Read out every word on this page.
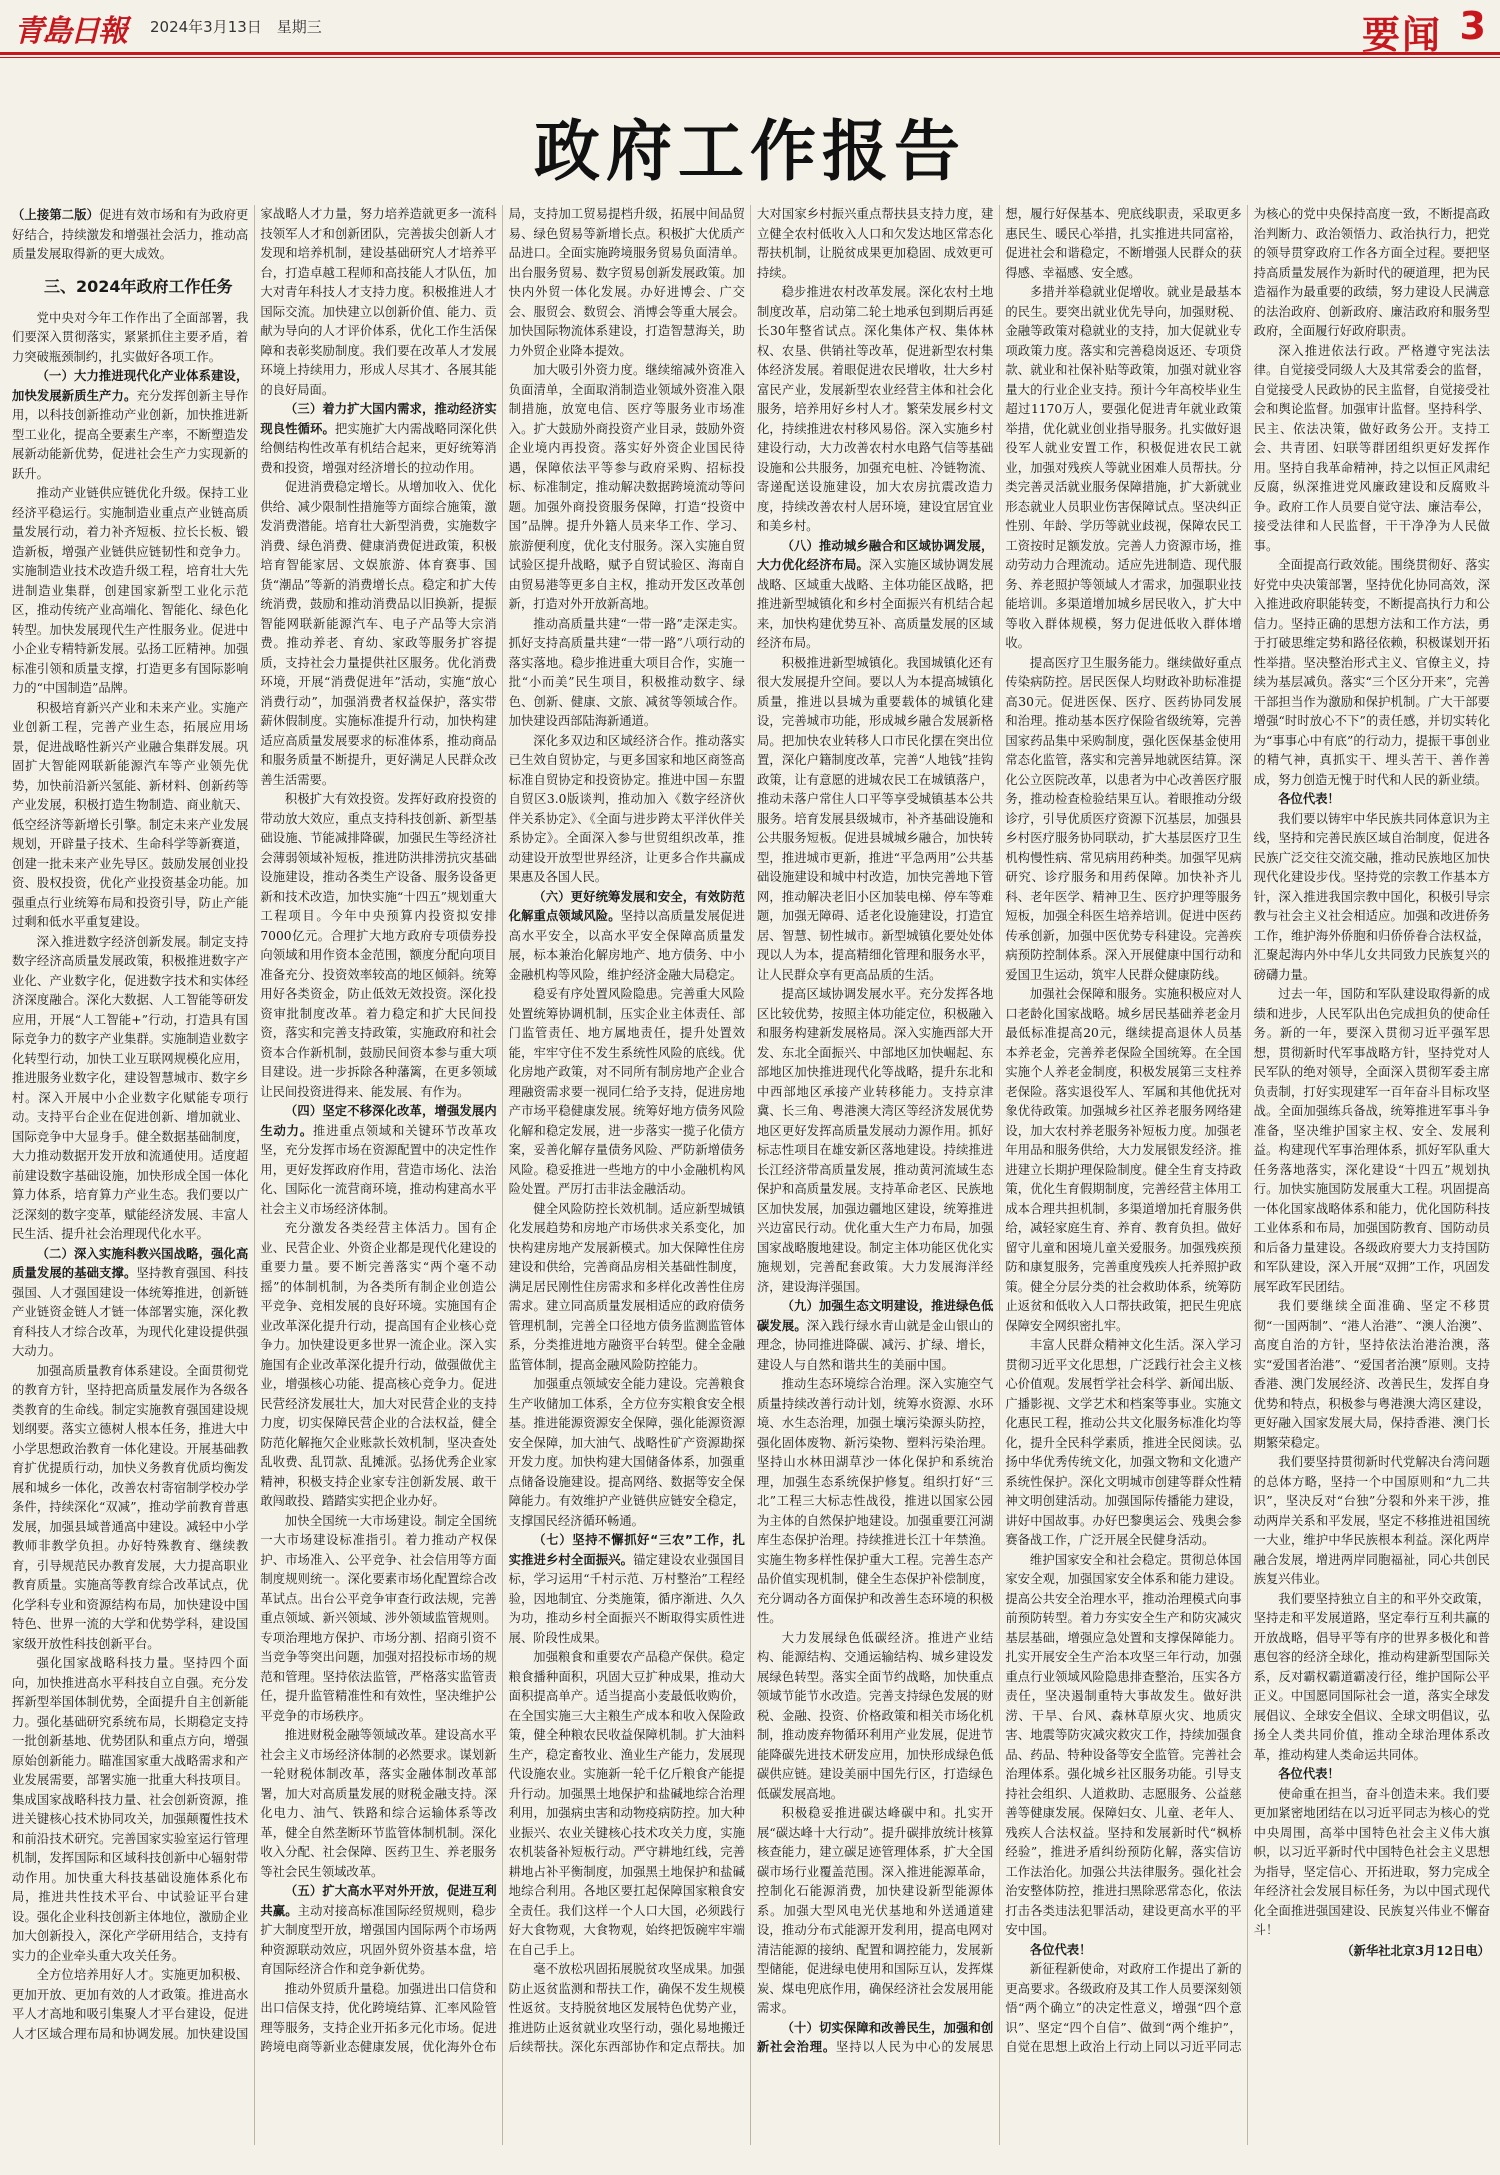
青島日報 2024年3月13日　星期三	要闻 3
政府工作报告

（上接第二版）促进有效市场和有为政府更好结合，持续激发和增强社会活力，推动高质量发展取得新的更大成效。

三、2024年政府工作任务

党中央对今年工作作出了全面部署，我们要深入贯彻落实，紧紧抓住主要矛盾，着力突破瓶颈制约，扎实做好各项工作。

（一）大力推进现代化产业体系建设，加快发展新质生产力。充分发挥创新主导作用，以科技创新推动产业创新，加快推进新型工业化，提高全要素生产率，不断塑造发展新动能新优势，促进社会生产力实现新的跃升。

推动产业链供应链优化升级。保持工业经济平稳运行。实施制造业重点产业链高质量发展行动，着力补齐短板、拉长长板、锻造新板，增强产业链供应链韧性和竞争力。实施制造业技术改造升级工程，培育壮大先进制造业集群，创建国家新型工业化示范区，推动传统产业高端化、智能化、绿色化转型。加快发展现代生产性服务业。促进中小企业专精特新发展。弘扬工匠精神。加强标准引领和质量支撑，打造更多有国际影响力的“中国制造”品牌。

积极培育新兴产业和未来产业。实施产业创新工程，完善产业生态，拓展应用场景，促进战略性新兴产业融合集群发展。巩固扩大智能网联新能源汽车等产业领先优势，加快前沿新兴氢能、新材料、创新药等产业发展，积极打造生物制造、商业航天、低空经济等新增长引擎。制定未来产业发展规划，开辟量子技术、生命科学等新赛道，创建一批未来产业先导区。鼓励发展创业投资、股权投资，优化产业投资基金功能。加强重点行业统筹布局和投资引导，防止产能过剩和低水平重复建设。

深入推进数字经济创新发展。制定支持数字经济高质量发展政策，积极推进数字产业化、产业数字化，促进数字技术和实体经济深度融合。深化大数据、人工智能等研发应用，开展“人工智能+”行动，打造具有国际竞争力的数字产业集群。实施制造业数字化转型行动，加快工业互联网规模化应用，推进服务业数字化，建设智慧城市、数字乡村。深入开展中小企业数字化赋能专项行动。支持平台企业在促进创新、增加就业、国际竞争中大显身手。健全数据基础制度，大力推动数据开发开放和流通使用。适度超前建设数字基础设施，加快形成全国一体化算力体系，培育算力产业生态。我们要以广泛深刻的数字变革，赋能经济发展、丰富人民生活、提升社会治理现代化水平。

（二）深入实施科教兴国战略，强化高质量发展的基础支撑。坚持教育强国、科技强国、人才强国建设一体统筹推进，创新链产业链资金链人才链一体部署实施，深化教育科技人才综合改革，为现代化建设提供强大动力。

加强高质量教育体系建设。全面贯彻党的教育方针，坚持把高质量发展作为各级各类教育的生命线。制定实施教育强国建设规划纲要。落实立德树人根本任务，推进大中小学思想政治教育一体化建设。开展基础教育扩优提质行动，加快义务教育优质均衡发展和城乡一体化，改善农村寄宿制学校办学条件，持续深化“双减”，推动学前教育普惠发展，加强县域普通高中建设。减轻中小学教师非教学负担。办好特殊教育、继续教育，引导规范民办教育发展，大力提高职业教育质量。实施高等教育综合改革试点，优化学科专业和资源结构布局，加快建设中国特色、世界一流的大学和优势学科，建设国家级开放性科技创新平台。

强化国家战略科技力量。坚持四个面向，加快推进高水平科技自立自强。充分发挥新型举国体制优势，全面提升自主创新能力。强化基础研究系统布局，长期稳定支持一批创新基地、优势团队和重点方向，增强原始创新能力。瞄准国家重大战略需求和产业发展需要，部署实施一批重大科技项目。集成国家战略科技力量、社会创新资源，推进关键核心技术协同攻关，加强颠覆性技术和前沿技术研究。完善国家实验室运行管理机制，发挥国际和区域科技创新中心辐射带动作用。加快重大科技基础设施体系化布局，推进共性技术平台、中试验证平台建设。强化企业科技创新主体地位，激励企业加大创新投入，深化产学研用结合，支持有实力的企业牵头重大攻关任务。

全方位培养用好人才。实施更加积极、更加开放、更加有效的人才政策。推进高水平人才高地和吸引集聚人才平台建设，促进人才区域合理布局和协调发展。加快建设国家战略人才力量，努力培养造就更多一流科技领军人才和创新团队，完善拔尖创新人才发现和培养机制，建设基础研究人才培养平台，打造卓越工程师和高技能人才队伍，加大对青年科技人才支持力度。积极推进人才国际交流。加快建立以创新价值、能力、贡献为导向的人才评价体系，优化工作生活保障和表彰奖励制度。我们要在改革人才发展环境上持续用力，形成人尽其才、各展其能的良好局面。

（三）着力扩大国内需求，推动经济实现良性循环。把实施扩大内需战略同深化供给侧结构性改革有机结合起来，更好统筹消费和投资，增强对经济增长的拉动作用。

促进消费稳定增长。从增加收入、优化供给、减少限制性措施等方面综合施策，激发消费潜能。培育壮大新型消费，实施数字消费、绿色消费、健康消费促进政策，积极培育智能家居、文娱旅游、体育赛事、国货“潮品”等新的消费增长点。稳定和扩大传统消费，鼓励和推动消费品以旧换新，提振智能网联新能源汽车、电子产品等大宗消费。推动养老、育幼、家政等服务扩容提质，支持社会力量提供社区服务。优化消费环境，开展“消费促进年”活动，实施“放心消费行动”，加强消费者权益保护，落实带薪休假制度。实施标准提升行动，加快构建适应高质量发展要求的标准体系，推动商品和服务质量不断提升，更好满足人民群众改善生活需要。

积极扩大有效投资。发挥好政府投资的带动放大效应，重点支持科技创新、新型基础设施、节能减排降碳，加强民生等经济社会薄弱领域补短板，推进防洪排涝抗灾基础设施建设，推动各类生产设备、服务设备更新和技术改造，加快实施“十四五”规划重大工程项目。今年中央预算内投资拟安排7000亿元。合理扩大地方政府专项债券投向领域和用作资本金范围，额度分配向项目准备充分、投资效率较高的地区倾斜。统筹用好各类资金，防止低效无效投资。深化投资审批制度改革。着力稳定和扩大民间投资，落实和完善支持政策，实施政府和社会资本合作新机制，鼓励民间资本参与重大项目建设。进一步拆除各种藩篱，在更多领域让民间投资进得来、能发展、有作为。

（四）坚定不移深化改革，增强发展内生动力。推进重点领域和关键环节改革攻坚，充分发挥市场在资源配置中的决定性作用，更好发挥政府作用，营造市场化、法治化、国际化一流营商环境，推动构建高水平社会主义市场经济体制。

充分激发各类经营主体活力。国有企业、民营企业、外资企业都是现代化建设的重要力量。要不断完善落实“两个毫不动摇”的体制机制，为各类所有制企业创造公平竞争、竞相发展的良好环境。实施国有企业改革深化提升行动，提高国有企业核心竞争力。加快建设更多世界一流企业。深入实施国有企业改革深化提升行动，做强做优主业，增强核心功能、提高核心竞争力。促进民营经济发展壮大，加大对民营企业的支持力度，切实保障民营企业的合法权益，健全防范化解拖欠企业账款长效机制，坚决查处乱收费、乱罚款、乱摊派。弘扬优秀企业家精神，积极支持企业家专注创新发展、敢干敢闯敢投、踏踏实实把企业办好。

加快全国统一大市场建设。制定全国统一大市场建设标准指引。着力推动产权保护、市场准入、公平竞争、社会信用等方面制度规则统一。深化要素市场化配置综合改革试点。出台公平竞争审查行政法规，完善重点领域、新兴领域、涉外领域监管规则。专项治理地方保护、市场分割、招商引资不当竞争等突出问题，加强对招投标市场的规范和管理。坚持依法监管，严格落实监管责任，提升监管精准性和有效性，坚决维护公平竞争的市场秩序。

推进财税金融等领域改革。建设高水平社会主义市场经济体制的必然要求。谋划新一轮财税体制改革，落实金融体制改革部署，加大对高质量发展的财税金融支持。深化电力、油气、铁路和综合运输体系等改革，健全自然垄断环节监管体制机制。深化收入分配、社会保障、医药卫生、养老服务等社会民生领域改革。

（五）扩大高水平对外开放，促进互利共赢。主动对接高标准国际经贸规则，稳步扩大制度型开放，增强国内国际两个市场两种资源联动效应，巩固外贸外资基本盘，培育国际经济合作和竞争新优势。

推动外贸质升量稳。加强进出口信贷和出口信保支持，优化跨境结算、汇率风险管理等服务，支持企业开拓多元化市场。促进跨境电商等新业态健康发展，优化海外仓布局，支持加工贸易提档升级，拓展中间品贸易、绿色贸易等新增长点。积极扩大优质产品进口。全面实施跨境服务贸易负面清单。出台服务贸易、数字贸易创新发展政策。加快内外贸一体化发展。办好进博会、广交会、服贸会、数贸会、消博会等重大展会。加快国际物流体系建设，打造智慧海关，助力外贸企业降本提效。

加大吸引外资力度。继续缩减外资准入负面清单，全面取消制造业领域外资准入限制措施，放宽电信、医疗等服务业市场准入。扩大鼓励外商投资产业目录，鼓励外资企业境内再投资。落实好外资企业国民待遇，保障依法平等参与政府采购、招标投标、标准制定，推动解决数据跨境流动等问题。加强外商投资服务保障，打造“投资中国”品牌。提升外籍人员来华工作、学习、旅游便利度，优化支付服务。深入实施自贸试验区提升战略，赋予自贸试验区、海南自由贸易港等更多自主权，推动开发区改革创新，打造对外开放新高地。

推动高质量共建“一带一路”走深走实。抓好支持高质量共建“一带一路”八项行动的落实落地。稳步推进重大项目合作，实施一批“小而美”民生项目，积极推动数字、绿色、创新、健康、文旅、减贫等领域合作。加快建设西部陆海新通道。

深化多双边和区域经济合作。推动落实已生效自贸协定，与更多国家和地区商签高标准自贸协定和投资协定。推进中国－东盟自贸区3.0版谈判，推动加入《数字经济伙伴关系协定》、《全面与进步跨太平洋伙伴关系协定》。全面深入参与世贸组织改革，推动建设开放型世界经济，让更多合作共赢成果惠及各国人民。

（六）更好统筹发展和安全，有效防范化解重点领域风险。坚持以高质量发展促进高水平安全，以高水平安全保障高质量发展，标本兼治化解房地产、地方债务、中小金融机构等风险，维护经济金融大局稳定。

稳妥有序处置风险隐患。完善重大风险处置统筹协调机制，压实企业主体责任、部门监管责任、地方属地责任，提升处置效能，牢牢守住不发生系统性风险的底线。优化房地产政策，对不同所有制房地产企业合理融资需求要一视同仁给予支持，促进房地产市场平稳健康发展。统筹好地方债务风险化解和稳定发展，进一步落实一揽子化债方案，妥善化解存量债务风险、严防新增债务风险。稳妥推进一些地方的中小金融机构风险处置。严厉打击非法金融活动。

健全风险防控长效机制。适应新型城镇化发展趋势和房地产市场供求关系变化，加快构建房地产发展新模式。加大保障性住房建设和供给，完善商品房相关基础性制度，满足居民刚性住房需求和多样化改善性住房需求。建立同高质量发展相适应的政府债务管理机制，完善全口径地方债务监测监管体系，分类推进地方融资平台转型。健全金融监管体制，提高金融风险防控能力。

加强重点领域安全能力建设。完善粮食生产收储加工体系，全方位夯实粮食安全根基。推进能源资源安全保障，强化能源资源安全保障，加大油气、战略性矿产资源勘探开发力度。加快构建大国储备体系，加强重点储备设施建设。提高网络、数据等安全保障能力。有效维护产业链供应链安全稳定，支撑国民经济循环畅通。

（七）坚持不懈抓好“三农”工作，扎实推进乡村全面振兴。锚定建设农业强国目标，学习运用“千村示范、万村整治”工程经验，因地制宜、分类施策，循序渐进、久久为功，推动乡村全面振兴不断取得实质性进展、阶段性成果。

加强粮食和重要农产品稳产保供。稳定粮食播种面积，巩固大豆扩种成果，推动大面积提高单产。适当提高小麦最低收购价，在全国实施三大主粮生产成本和收入保险政策，健全种粮农民收益保障机制。扩大油料生产，稳定畜牧业、渔业生产能力，发展现代设施农业。实施新一轮千亿斤粮食产能提升行动。加强黑土地保护和盐碱地综合治理利用，加强病虫害和动物疫病防控。加大种业振兴、农业关键核心技术攻关力度，实施农机装备补短板行动。严守耕地红线，完善耕地占补平衡制度，加强黑土地保护和盐碱地综合利用。各地区要扛起保障国家粮食安全责任。我们这样一个人口大国，必须践行好大食物观，大食物观，始终把饭碗牢牢端在自己手上。

毫不放松巩固拓展脱贫攻坚成果。加强防止返贫监测和帮扶工作，确保不发生规模性返贫。支持脱贫地区发展特色优势产业，推进防止返贫就业攻坚行动，强化易地搬迁后续帮扶。深化东西部协作和定点帮扶。加大对国家乡村振兴重点帮扶县支持力度，建立健全农村低收入人口和欠发达地区常态化帮扶机制，让脱贫成果更加稳固、成效更可持续。

稳步推进农村改革发展。深化农村土地制度改革，启动第二轮土地承包到期后再延长30年整省试点。深化集体产权、集体林权、农垦、供销社等改革，促进新型农村集体经济发展。着眼促进农民增收，壮大乡村富民产业，发展新型农业经营主体和社会化服务，培养用好乡村人才。繁荣发展乡村文化，持续推进农村移风易俗。深入实施乡村建设行动，大力改善农村水电路气信等基础设施和公共服务，加强充电桩、冷链物流、寄递配送设施建设，加大农房抗震改造力度，持续改善农村人居环境，建设宜居宜业和美乡村。

（八）推动城乡融合和区域协调发展，大力优化经济布局。深入实施区域协调发展战略、区域重大战略、主体功能区战略，把推进新型城镇化和乡村全面振兴有机结合起来，加快构建优势互补、高质量发展的区域经济布局。

积极推进新型城镇化。我国城镇化还有很大发展提升空间。要以人为本提高城镇化质量，推进以县城为重要载体的城镇化建设，完善城市功能，形成城乡融合发展新格局。把加快农业转移人口市民化摆在突出位置，深化户籍制度改革，完善“人地钱”挂钩政策，让有意愿的进城农民工在城镇落户，推动未落户常住人口平等享受城镇基本公共服务。培育发展县级城市，补齐基础设施和公共服务短板。促进县城城乡融合，加快转型，推进城市更新，推进“平急两用”公共基础设施建设和城中村改造，加快完善地下管网，推动解决老旧小区加装电梯、停车等难题，加强无障碍、适老化设施建设，打造宜居、智慧、韧性城市。新型城镇化要处处体现以人为本，提高精细化管理和服务水平，让人民群众享有更高品质的生活。

提高区域协调发展水平。充分发挥各地区比较优势，按照主体功能定位，积极融入和服务构建新发展格局。深入实施西部大开发、东北全面振兴、中部地区加快崛起、东部地区加快推进现代化等战略，提升东北和中西部地区承接产业转移能力。支持京津冀、长三角、粤港澳大湾区等经济发展优势地区更好发挥高质量发展动力源作用。抓好标志性项目在雄安新区落地建设。持续推进长江经济带高质量发展，推动黄河流域生态保护和高质量发展。支持革命老区、民族地区加快发展，加强边疆地区建设，统筹推进兴边富民行动。优化重大生产力布局，加强国家战略腹地建设。制定主体功能区优化实施规划，完善配套政策。大力发展海洋经济，建设海洋强国。

（九）加强生态文明建设，推进绿色低碳发展。深入践行绿水青山就是金山银山的理念，协同推进降碳、减污、扩绿、增长，建设人与自然和谐共生的美丽中国。

推动生态环境综合治理。深入实施空气质量持续改善行动计划，统筹水资源、水环境、水生态治理，加强土壤污染源头防控，强化固体废物、新污染物、塑料污染治理。坚持山水林田湖草沙一体化保护和系统治理，加强生态系统保护修复。组织打好“三北”工程三大标志性战役，推进以国家公园为主体的自然保护地建设。加强重要江河湖库生态保护治理。持续推进长江十年禁渔。实施生物多样性保护重大工程。完善生态产品价值实现机制，健全生态保护补偿制度，充分调动各方面保护和改善生态环境的积极性。

大力发展绿色低碳经济。推进产业结构、能源结构、交通运输结构、城乡建设发展绿色转型。落实全面节约战略，加快重点领域节能节水改造。完善支持绿色发展的财税、金融、投资、价格政策和相关市场化机制，推动废弃物循环利用产业发展，促进节能降碳先进技术研发应用，加快形成绿色低碳供应链。建设美丽中国先行区，打造绿色低碳发展高地。

积极稳妥推进碳达峰碳中和。扎实开展“碳达峰十大行动”。提升碳排放统计核算核查能力，建立碳足迹管理体系，扩大全国碳市场行业覆盖范围。深入推进能源革命，控制化石能源消费，加快建设新型能源体系。加强大型风电光伏基地和外送通道建设，推动分布式能源开发利用，提高电网对清洁能源的接纳、配置和调控能力，发展新型储能，促进绿电使用和国际互认，发挥煤炭、煤电兜底作用，确保经济社会发展用能需求。

（十）切实保障和改善民生，加强和创新社会治理。坚持以人民为中心的发展思想，履行好保基本、兜底线职责，采取更多惠民生、暖民心举措，扎实推进共同富裕，促进社会和谐稳定，不断增强人民群众的获得感、幸福感、安全感。

多措并举稳就业促增收。就业是最基本的民生。要突出就业优先导向，加强财税、金融等政策对稳就业的支持，加大促就业专项政策力度。落实和完善稳岗返还、专项贷款、就业和社保补贴等政策，加强对就业容量大的行业企业支持。预计今年高校毕业生超过1170万人，要强化促进青年就业政策举措，优化就业创业指导服务。扎实做好退役军人就业安置工作，积极促进农民工就业，加强对残疾人等就业困难人员帮扶。分类完善灵活就业服务保障措施，扩大新就业形态就业人员职业伤害保障试点。坚决纠正性别、年龄、学历等就业歧视，保障农民工工资按时足额发放。完善人力资源市场，推动劳动力合理流动。适应先进制造、现代服务、养老照护等领域人才需求，加强职业技能培训。多渠道增加城乡居民收入，扩大中等收入群体规模，努力促进低收入群体增收。

提高医疗卫生服务能力。继续做好重点传染病防控。居民医保人均财政补助标准提高30元。促进医保、医疗、医药协同发展和治理。推动基本医疗保险省级统筹，完善国家药品集中采购制度，强化医保基金使用常态化监管，落实和完善异地就医结算。深化公立医院改革，以患者为中心改善医疗服务，推动检查检验结果互认。着眼推动分级诊疗，引导优质医疗资源下沉基层，加强县乡村医疗服务协同联动，扩大基层医疗卫生机构慢性病、常见病用药种类。加强罕见病研究、诊疗服务和用药保障。加快补齐儿科、老年医学、精神卫生、医疗护理等服务短板，加强全科医生培养培训。促进中医药传承创新，加强中医优势专科建设。完善疾病预防控制体系。深入开展健康中国行动和爱国卫生运动，筑牢人民群众健康防线。

加强社会保障和服务。实施积极应对人口老龄化国家战略。城乡居民基础养老金月最低标准提高20元，继续提高退休人员基本养老金，完善养老保险全国统筹。在全国实施个人养老金制度，积极发展第三支柱养老保险。落实退役军人、军属和其他优抚对象优待政策。加强城乡社区养老服务网络建设，加大农村养老服务补短板力度。加强老年用品和服务供给，大力发展银发经济。推进建立长期护理保险制度。健全生育支持政策，优化生育假期制度，完善经营主体用工成本合理共担机制，多渠道增加托育服务供给，减轻家庭生育、养育、教育负担。做好留守儿童和困境儿童关爱服务。加强残疾预防和康复服务，完善重度残疾人托养照护政策。健全分层分类的社会救助体系，统筹防止返贫和低收入人口帮扶政策，把民生兜底保障安全网织密扎牢。

丰富人民群众精神文化生活。深入学习贯彻习近平文化思想，广泛践行社会主义核心价值观。发展哲学社会科学、新闻出版、广播影视、文学艺术和档案等事业。实施文化惠民工程，推动公共文化服务标准化均等化，提升全民科学素质，推进全民阅读。弘扬中华优秀传统文化，加强文物和文化遗产系统性保护。深化文明城市创建等群众性精神文明创建活动。加强国际传播能力建设，讲好中国故事。办好巴黎奥运会、残奥会参赛备战工作，广泛开展全民健身活动。

维护国家安全和社会稳定。贯彻总体国家安全观，加强国家安全体系和能力建设。提高公共安全治理水平，推动治理模式向事前预防转型。着力夯实安全生产和防灾减灾基层基础，增强应急处置和支撑保障能力。扎实开展安全生产治本攻坚三年行动，加强重点行业领域风险隐患排查整治，压实各方责任，坚决遏制重特大事故发生。做好洪涝、干旱、台风、森林草原火灾、地质灾害、地震等防灾减灾救灾工作，持续加强食品、药品、特种设备等安全监管。完善社会治理体系。强化城乡社区服务功能。引导支持社会组织、人道救助、志愿服务、公益慈善等健康发展。保障妇女、儿童、老年人、残疾人合法权益。坚持和发展新时代“枫桥经验”，推进矛盾纠纷预防化解，落实信访工作法治化。加强公共法律服务。强化社会治安整体防控，推进扫黑除恶常态化，依法打击各类违法犯罪活动，建设更高水平的平安中国。

各位代表！

新征程新使命，对政府工作提出了新的更高要求。各级政府及其工作人员要深刻领悟“两个确立”的决定性意义，增强“四个意识”、坚定“四个自信”、做到“两个维护”，自觉在思想上政治上行动上同以习近平同志为核心的党中央保持高度一致，不断提高政治判断力、政治领悟力、政治执行力，把党的领导贯穿政府工作各方面全过程。要把坚持高质量发展作为新时代的硬道理，把为民造福作为最重要的政绩，努力建设人民满意的法治政府、创新政府、廉洁政府和服务型政府，全面履行好政府职责。

深入推进依法行政。严格遵守宪法法律。自觉接受同级人大及其常委会的监督，自觉接受人民政协的民主监督，自觉接受社会和舆论监督。加强审计监督。坚持科学、民主、依法决策，做好政务公开。支持工会、共青团、妇联等群团组织更好发挥作用。坚持自我革命精神，持之以恒正风肃纪反腐，纵深推进党风廉政建设和反腐败斗争。政府工作人员要自觉守法、廉洁奉公，接受法律和人民监督，干干净净为人民做事。

全面提高行政效能。围绕贯彻好、落实好党中央决策部署，坚持优化协同高效，深入推进政府职能转变，不断提高执行力和公信力。坚持正确的思想方法和工作方法，勇于打破思维定势和路径依赖，积极谋划开拓性举措。坚决整治形式主义、官僚主义，持续为基层减负。落实“三个区分开来”，完善干部担当作为激励和保护机制。广大干部要增强“时时放心不下”的责任感，并切实转化为“事事心中有底”的行动力，提振干事创业的精气神，真抓实干、埋头苦干、善作善成，努力创造无愧于时代和人民的新业绩。

各位代表！

我们要以铸牢中华民族共同体意识为主线，坚持和完善民族区域自治制度，促进各民族广泛交往交流交融，推动民族地区加快现代化建设步伐。坚持党的宗教工作基本方针，深入推进我国宗教中国化，积极引导宗教与社会主义社会相适应。加强和改进侨务工作，维护海外侨胞和归侨侨眷合法权益，汇聚起海内外中华儿女共同致力民族复兴的磅礴力量。

过去一年，国防和军队建设取得新的成绩和进步，人民军队出色完成担负的使命任务。新的一年，要深入贯彻习近平强军思想，贯彻新时代军事战略方针，坚持党对人民军队的绝对领导，全面深入贯彻军委主席负责制，打好实现建军一百年奋斗目标攻坚战。全面加强练兵备战，统筹推进军事斗争准备，坚决维护国家主权、安全、发展利益。构建现代军事治理体系，抓好军队重大任务落地落实，深化建设“十四五”规划执行。加快实施国防发展重大工程。巩固提高一体化国家战略体系和能力，优化国防科技工业体系和布局，加强国防教育、国防动员和后备力量建设。各级政府要大力支持国防和军队建设，深入开展“双拥”工作，巩固发展军政军民团结。

我们要继续全面准确、坚定不移贯彻“一国两制”、“港人治港”、“澳人治澳”、高度自治的方针，坚持依法治港治澳，落实“爱国者治港”、“爱国者治澳”原则。支持香港、澳门发展经济、改善民生，发挥自身优势和特点，积极参与粤港澳大湾区建设，更好融入国家发展大局，保持香港、澳门长期繁荣稳定。

我们要坚持贯彻新时代党解决台湾问题的总体方略，坚持一个中国原则和“九二共识”，坚决反对“台独”分裂和外来干涉，推动两岸关系和平发展，坚定不移推进祖国统一大业，维护中华民族根本利益。深化两岸融合发展，增进两岸同胞福祉，同心共创民族复兴伟业。

我们要坚持独立自主的和平外交政策，坚持走和平发展道路，坚定奉行互利共赢的开放战略，倡导平等有序的世界多极化和普惠包容的经济全球化，推动构建新型国际关系，反对霸权霸道霸凌行径，维护国际公平正义。中国愿同国际社会一道，落实全球发展倡议、全球安全倡议、全球文明倡议，弘扬全人类共同价值，推动全球治理体系改革，推动构建人类命运共同体。

各位代表！

使命重在担当，奋斗创造未来。我们要更加紧密地团结在以习近平同志为核心的党中央周围，高举中国特色社会主义伟大旗帜，以习近平新时代中国特色社会主义思想为指导，坚定信心、开拓进取，努力完成全年经济社会发展目标任务，为以中国式现代化全面推进强国建设、民族复兴伟业不懈奋斗！

（新华社北京3月12日电）
